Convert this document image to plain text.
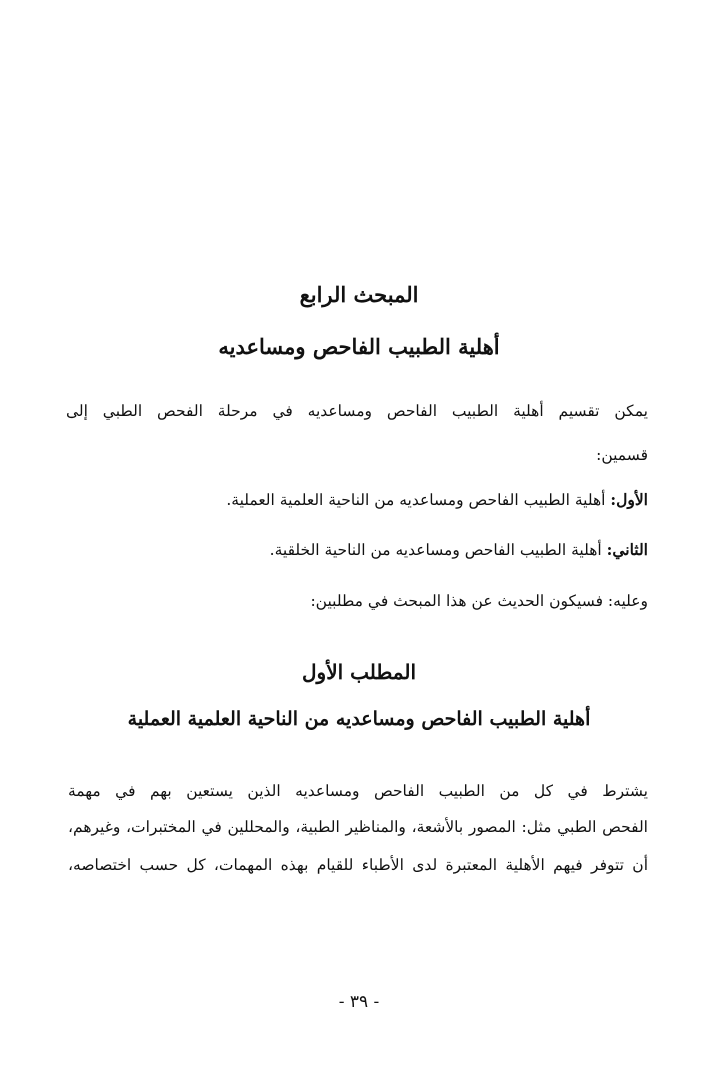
المبحث الرابع
أهلية الطبيب الفاحص ومساعديه

يمكن تقسيم أهلية الطبيب الفاحص ومساعديه في مرحلة الفحص الطبي إلى

قسمين:

الأول: أهلية الطبيب الفاحص ومساعديه من الناحية العلمية العملية.

الثاني: أهلية الطبيب الفاحص ومساعديه من الناحية الخلقية.

وعليه: فسيكون الحديث عن هذا المبحث في مطلبين:

المطلب الأول
أهلية الطبيب الفاحص ومساعديه من الناحية العلمية العملية

يشترط في كل من الطبيب الفاحص ومساعديه الذين يستعين بهم في مهمة

الفحص الطبي مثل: المصور بالأشعة، والمناظير الطبية، والمحللين في المختبرات، وغيرهم،

أن تتوفر فيهم الأهلية المعتبرة لدى الأطباء للقيام بهذه المهمات، كل حسب اختصاصه،

- ٣٩ -
